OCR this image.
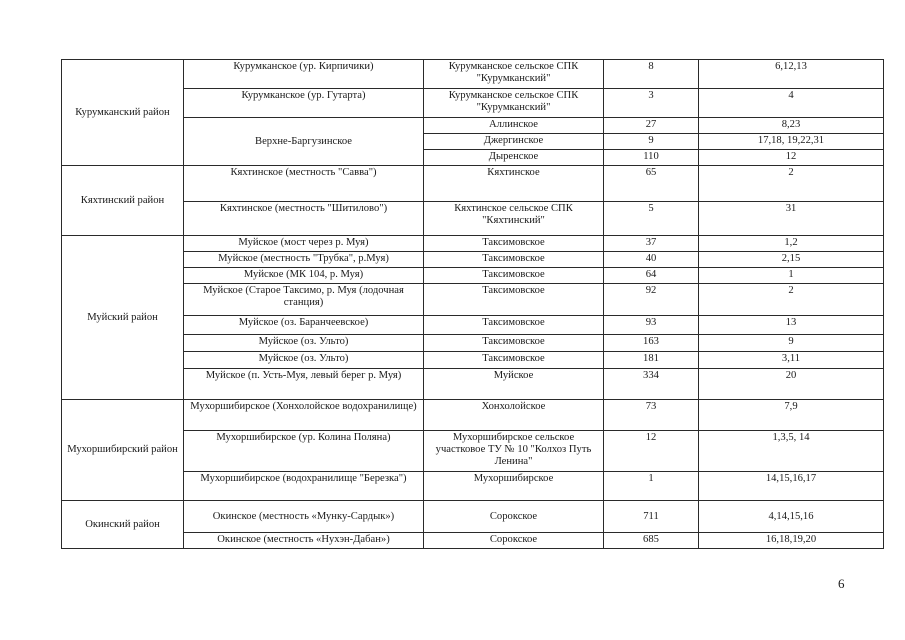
Курумканский район	Курумканское (ур. Кирпичики)	Курумканское сельское СПК "Курумканский"	8	6,12,13
	Курумканское (ур. Гутарта)	Курумканское сельское СПК "Курумканский"	3	4
	Верхне-Баргузинское	Аллинское	27	8,23
		Джергинское	9	17,18, 19,22,31
		Дыренское	110	12
Кяхтинский район	Кяхтинское (местность "Савва")	Кяхтинское	65	2
	Кяхтинское (местность "Шитилово")	Кяхтинское сельское СПК "Кяхтинский"	5	31
Муйский район	Муйское (мост через р. Муя)	Таксимовское	37	1,2
	Муйское (местность "Трубка", р.Муя)	Таксимовское	40	2,15
	Муйское (МК 104, р. Муя)	Таксимовское	64	1
	Муйское (Старое Таксимо, р. Муя (лодочная станция)	Таксимовское	92	2
	Муйское (оз. Баранчеевское)	Таксимовское	93	13
	Муйское (оз. Ульто)	Таксимовское	163	9
	Муйское (оз. Ульто)	Таксимовское	181	3,11
	Муйское (п. Усть-Муя, левый берег р. Муя)	Муйское	334	20
Мухоршибирский район	Мухоршибирское (Хонхолойское водохранилище)	Хонхолойское	73	7,9
	Мухоршибирское (ур. Колина Поляна)	Мухоршибирское сельское участковое ТУ № 10 "Колхоз Путь Ленина"	12	1,3,5, 14
	Мухоршибирское (водохранилище "Березка")	Мухоршибирское	1	14,15,16,17
Окинский район	Окинское (местность «Мунку-Сардык»)	Сорокское	711	4,14,15,16
	Окинское (местность «Нухэн-Дабан»)	Сорокское	685	16,18,19,20
6
